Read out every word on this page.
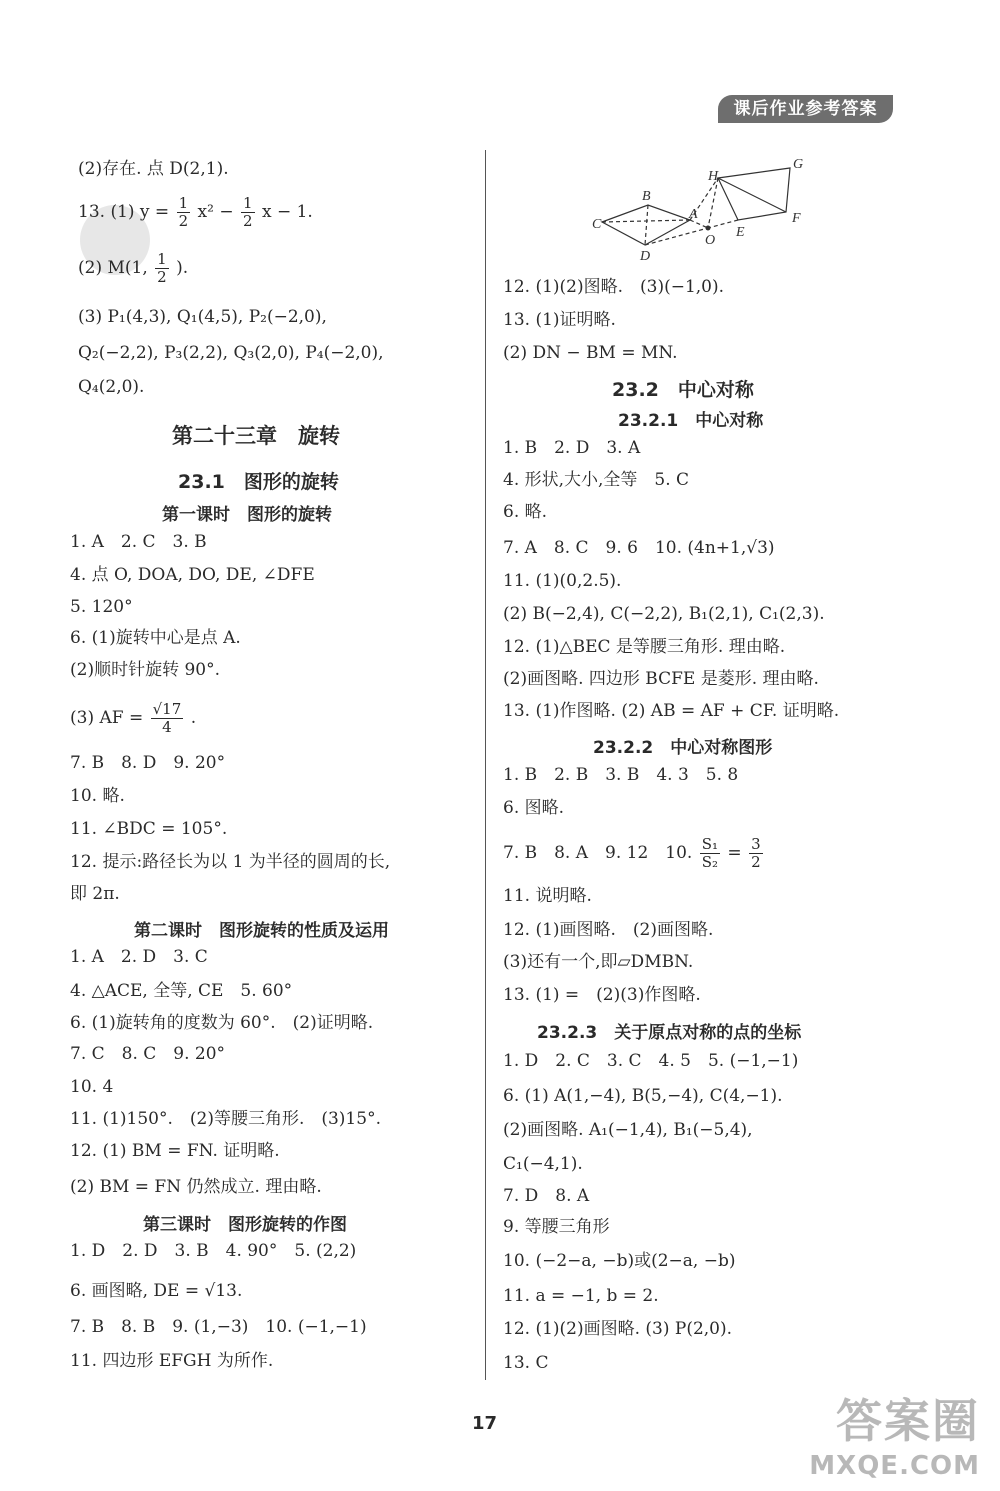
课后作业参考答案
(2)存在. 点 D(2,1).
13. (1) $y = \frac{1}{2} x^2 - \frac{1}{2}$ x − 1.
(2) M(1, $\frac{1}{2}$ ).
(3) P₁(4,3), Q₁(4,5), P₂(−2,0),
Q₂(−2,2), P₃(2,2), Q₃(2,0), P₄(−2,0),
Q₄(2,0).
第二十三章　旋转
23.1　图形的旋转
第一课时　图形的旋转
1. A　2. C　3. B
4. 点 O, DOA, DO, DE, ∠DFE
5. 120°
6. (1)旋转中心是点 A.
(2)顺时针旋转 90°.
(3) AF = $\frac{√17}{4}$ .
7. B　8. D　9. 20°
10. 略.
11. ∠BDC = 105°.
12. 提示:路径长为以 1 为半径的圆周的长,
即 2π.
第二课时　图形旋转的性质及运用
1. A　2. D　3. C
4. △ACE, 全等, CE　5. 60°
6. (1)旋转角的度数为 60°.　(2)证明略.
7. C　8. C　9. 20°
10. 4
11. (1)150°.　(2)等腰三角形.　(3)15°.
12. (1) BM = FN. 证明略.
(2) BM = FN 仍然成立. 理由略.
第三课时　图形旋转的作图
1. D　2. D　3. B　4. 90°　5. (2,2)
6. 画图略, DE = √13.
7. B　8. B　9. (1,−3)　10. (−1,−1)
11. 四边形 EFGH 为所作.
B
A
C
D
H
G
O
E
F
12. (1)(2)图略.　(3)(−1,0).
13. (1)证明略.
(2) DN − BM = MN.
23.2　中心对称
23.2.1　中心对称
1. B　2. D　3. A
4. 形状,大小,全等　5. C
6. 略.
7. A　8. C　9. 6　10. (4n+1,√3)
11. (1)(0,2.5).
(2) B(−2,4), C(−2,2), B₁(2,1), C₁(2,3).
12. (1)△BEC 是等腰三角形. 理由略.
(2)画图略. 四边形 BCFE 是菱形. 理由略.
13. (1)作图略. (2) AB = AF + CF. 证明略.
23.2.2　中心对称图形
1. B　2. B　3. B　4. 3　5. 8
6. 图略.
7. B　8. A　9. 12　10. $\frac{\text{S₁}}{\text{S₂}} = \frac{3}{2}$
11. 说明略.
12. (1)画图略.　(2)画图略.
(3)还有一个,即▱DMBN.
13. (1) =　(2)(3)作图略.
23.2.3　关于原点对称的点的坐标
1. D　2. C　3. C　4. 5　5. (−1,−1)
6. (1) A(1,−4), B(5,−4), C(4,−1).
(2)画图略. A₁(−1,4), B₁(−5,4),
C₁(−4,1).
7. D　8. A
9. 等腰三角形
10. (−2−a, −b)或(2−a, −b)
11. a = −1, b = 2.
12. (1)(2)画图略. (3) P(2,0).
13. C
17	答案圈
MXQE.COM
